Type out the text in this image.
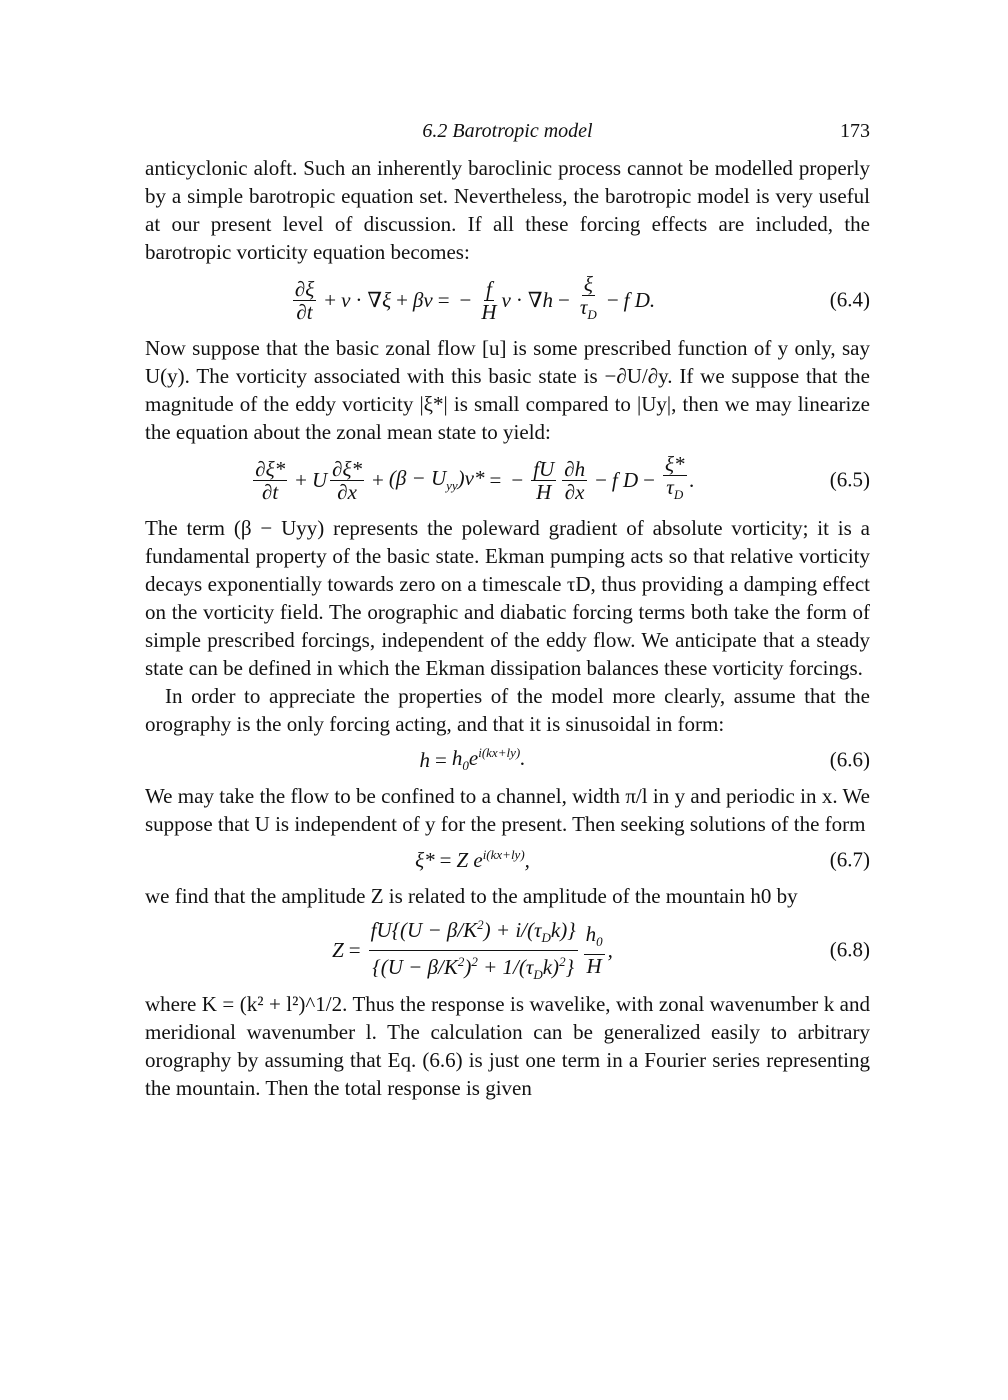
6.2 Barotropic model	173

anticyclonic aloft. Such an inherently baroclinic process cannot be modelled properly by a simple barotropic equation set. Nevertheless, the barotropic model is very useful at our present level of discussion. If all these forcing effects are included, the barotropic vorticity equation becomes:

$\frac{\partial\xi}{\partial t} + v$ · ∇ ξ + βv = − $\frac{f}{H}$ v · ∇ $h - \frac{\xi}{\tau_D} - f$ D.	(6.4)

Now suppose that the basic zonal flow [u] is some prescribed function of y only, say U(y). The vorticity associated with this basic state is −∂U/∂y. If we suppose that the magnitude of the eddy vorticity |ξ*| is small compared to |Uy|, then we may linearize the equation about the zonal mean state to yield:

$\frac{\partial\xi*}{\partial t} + U \frac{\partial\xi*}{\partial x} + (\beta - U_{yy})v*$ = − $\frac{fU}{H} \frac{\partial h}{\partial x} - f$ $D - \frac{\xi*}{\tau_D}$ .	(6.5)

The term (β − Uyy) represents the poleward gradient of absolute vorticity; it is a fundamental property of the basic state. Ekman pumping acts so that relative vorticity decays exponentially towards zero on a timescale τD, thus providing a damping effect on the vorticity field. The orographic and diabatic forcing terms both take the form of simple prescribed forcings, independent of the eddy flow. We anticipate that a steady state can be defined in which the Ekman dissipation balances these vorticity forcings.

In order to appreciate the properties of the model more clearly, assume that the orography is the only forcing acting, and that it is sinusoidal in form:

$h = h_0e^{i(kx+ly)}$.	(6.6)

We may take the flow to be confined to a channel, width π/l in y and periodic in x. We suppose that U is independent of y for the present. Then seeking solutions of the form

ξ* = Z $e^{i(kx+ly)}$,	(6.7)

we find that the amplitude Z is related to the amplitude of the mountain h0 by

$Z = \frac{fU\{(U - \beta/K^2) + i/(\tau_Dk)\}}{\{(U - \beta/K^2)^2 + 1/(\tau_Dk)^2\}} \frac{h_0}{H}$ ,	(6.8)

where K = (k² + l²)^1/2. Thus the response is wavelike, with zonal wavenumber k and meridional wavenumber l. The calculation can be generalized easily to arbitrary orography by assuming that Eq. (6.6) is just one term in a Fourier series representing the mountain. Then the total response is given
